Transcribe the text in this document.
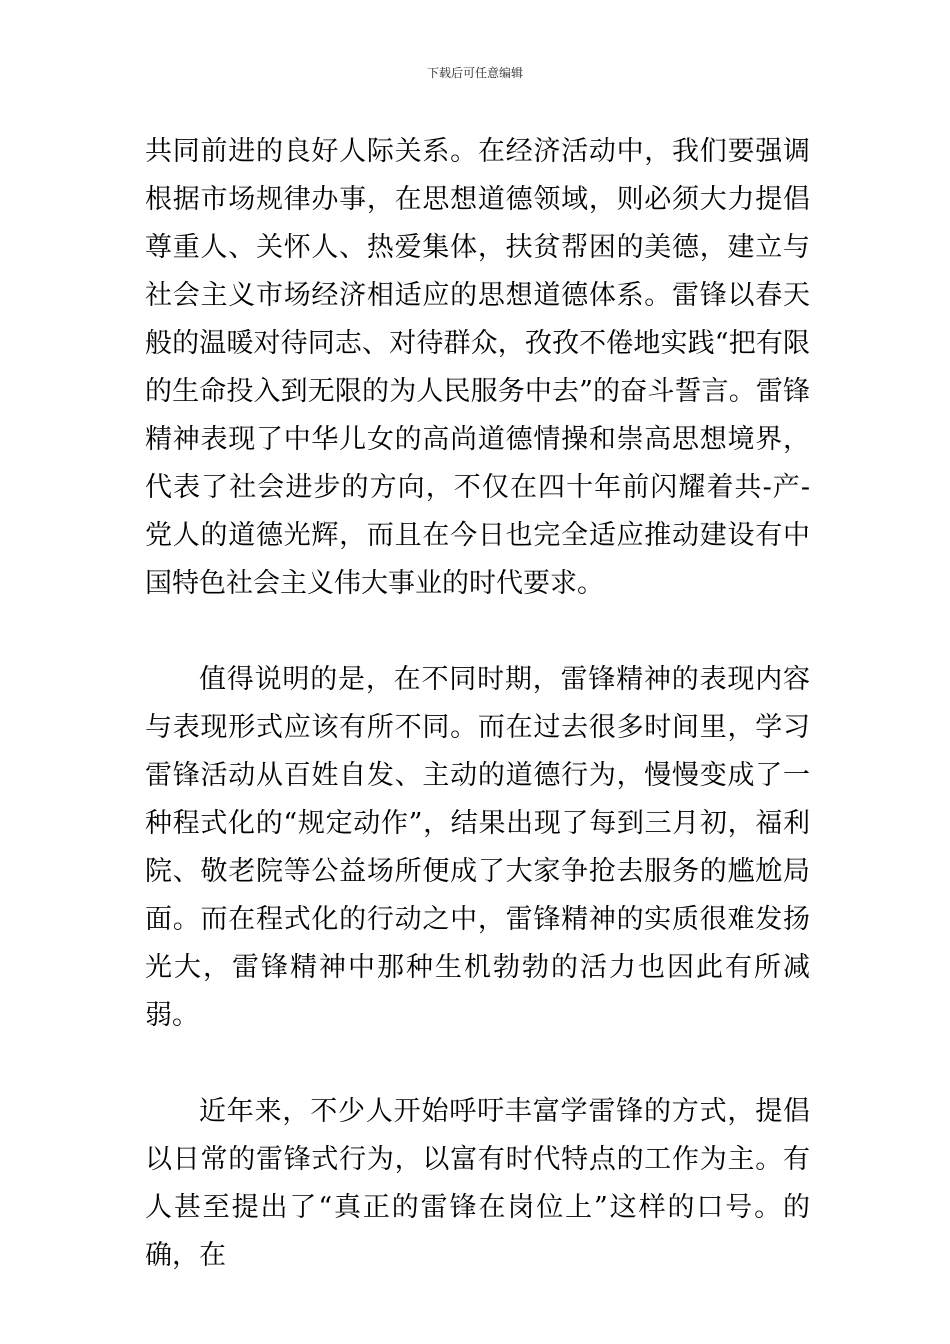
下载后可任意编辑

共同前进的良好人际关系。在经济活动中，我们要强调根据市场规律办事，在思想道德领域，则必须大力提倡尊重人、关怀人、热爱集体，扶贫帮困的美德，建立与社会主义市场经济相适应的思想道德体系。雷锋以春天般的温暖对待同志、对待群众，孜孜不倦地实践“把有限的生命投入到无限的为人民服务中去”的奋斗誓言。雷锋精神表现了中华儿女的高尚道德情操和崇高思想境界，代表了社会进步的方向，不仅在四十年前闪耀着共-产-党人的道德光辉，而且在今日也完全适应推动建设有中国特色社会主义伟大事业的时代要求。

值得说明的是，在不同时期，雷锋精神的表现内容与表现形式应该有所不同。而在过去很多时间里，学习雷锋活动从百姓自发、主动的道德行为，慢慢变成了一种程式化的“规定动作”，结果出现了每到三月初，福利院、敬老院等公益场所便成了大家争抢去服务的尴尬局面。而在程式化的行动之中，雷锋精神的实质很难发扬光大，雷锋精神中那种生机勃勃的活力也因此有所减弱。

近年来，不少人开始呼吁丰富学雷锋的方式，提倡以日常的雷锋式行为，以富有时代特点的工作为主。有人甚至提出了“真正的雷锋在岗位上”这样的口号。的确，在
